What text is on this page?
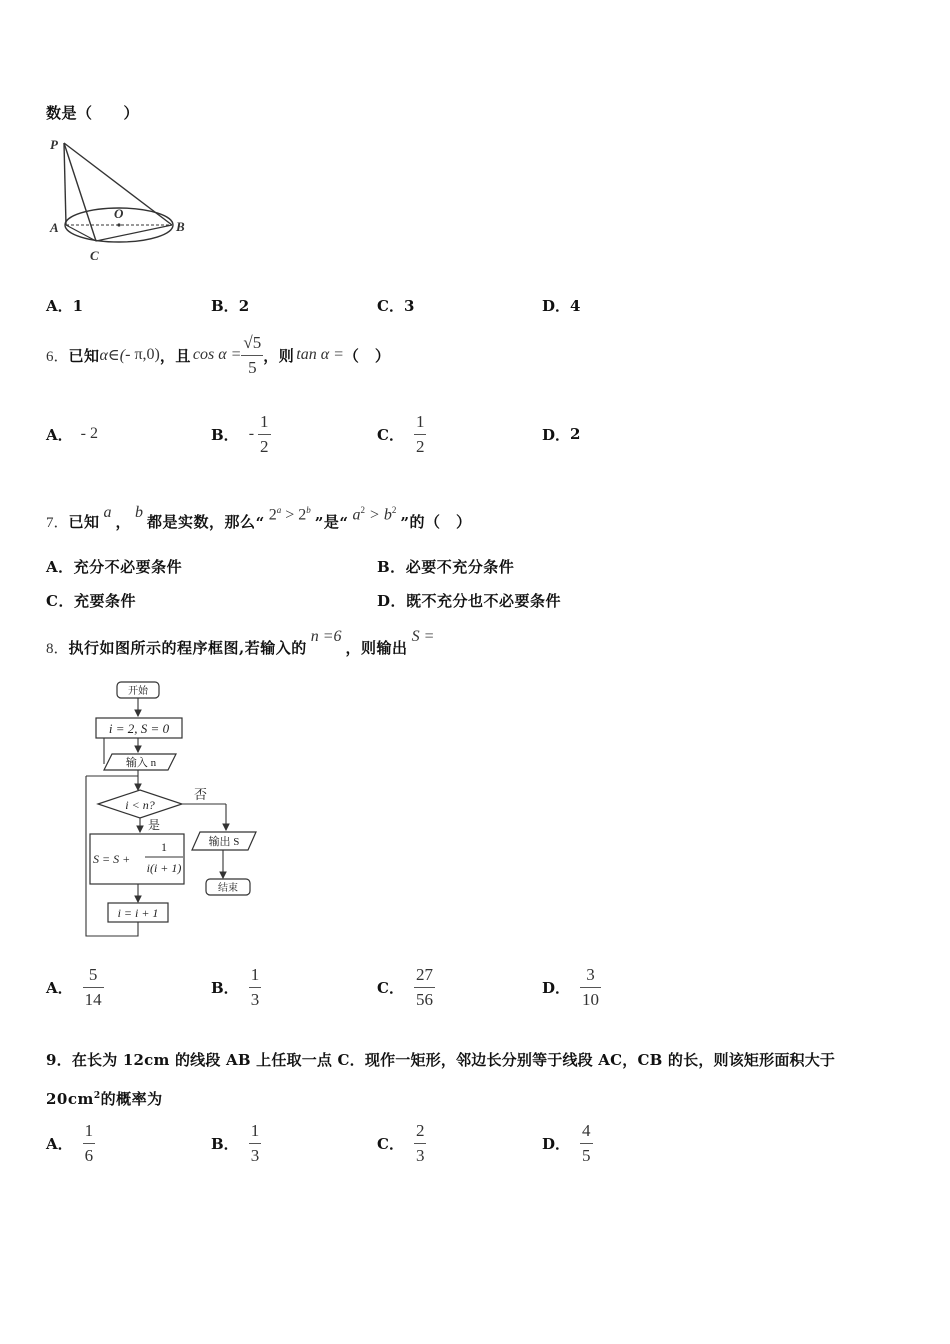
数是（　　）
P
O
A	B
C
A．1	B．2	C．3	D．4
6． 已知 α∈( - π,0 ) ，且 $\cos \alpha = \frac{√5}{5}$ ，则 tan α = （　）
A． - 2	B． - $\frac{1}{2}$	C． $\frac{1}{2}$	D． 2
7． 已知
a
，
b
都是实数，那么 “ $2^a > 2^b$
” 是 “ $a^2 > b^2$
” 的（　）
A．充分不必要条件	B．必要不充分条件
C．充要条件	D．既不充分也不必要条件
8． 执行如图所示的程序框图,若输入的
n =6
，则输出
S =
开始
i = 2, S = 0
输入 n
i < n?
否
是
S = S +
1
i(i + 1)
i = i + 1
输出 S
结束
A． $\frac{5}{14}$	B． $\frac{1}{3}$	C． $\frac{27}{56}$	D． $\frac{3}{10}$
9．在长为 12cm 的线段 AB 上任取一点 C．现作一矩形，邻边长分别等于线段 AC，CB 的长，则该矩形面积大于
$20cm^2$的概率为
A． $\frac{1}{6}$	B． $\frac{1}{3}$	C． $\frac{2}{3}$	D． $\frac{4}{5}$
